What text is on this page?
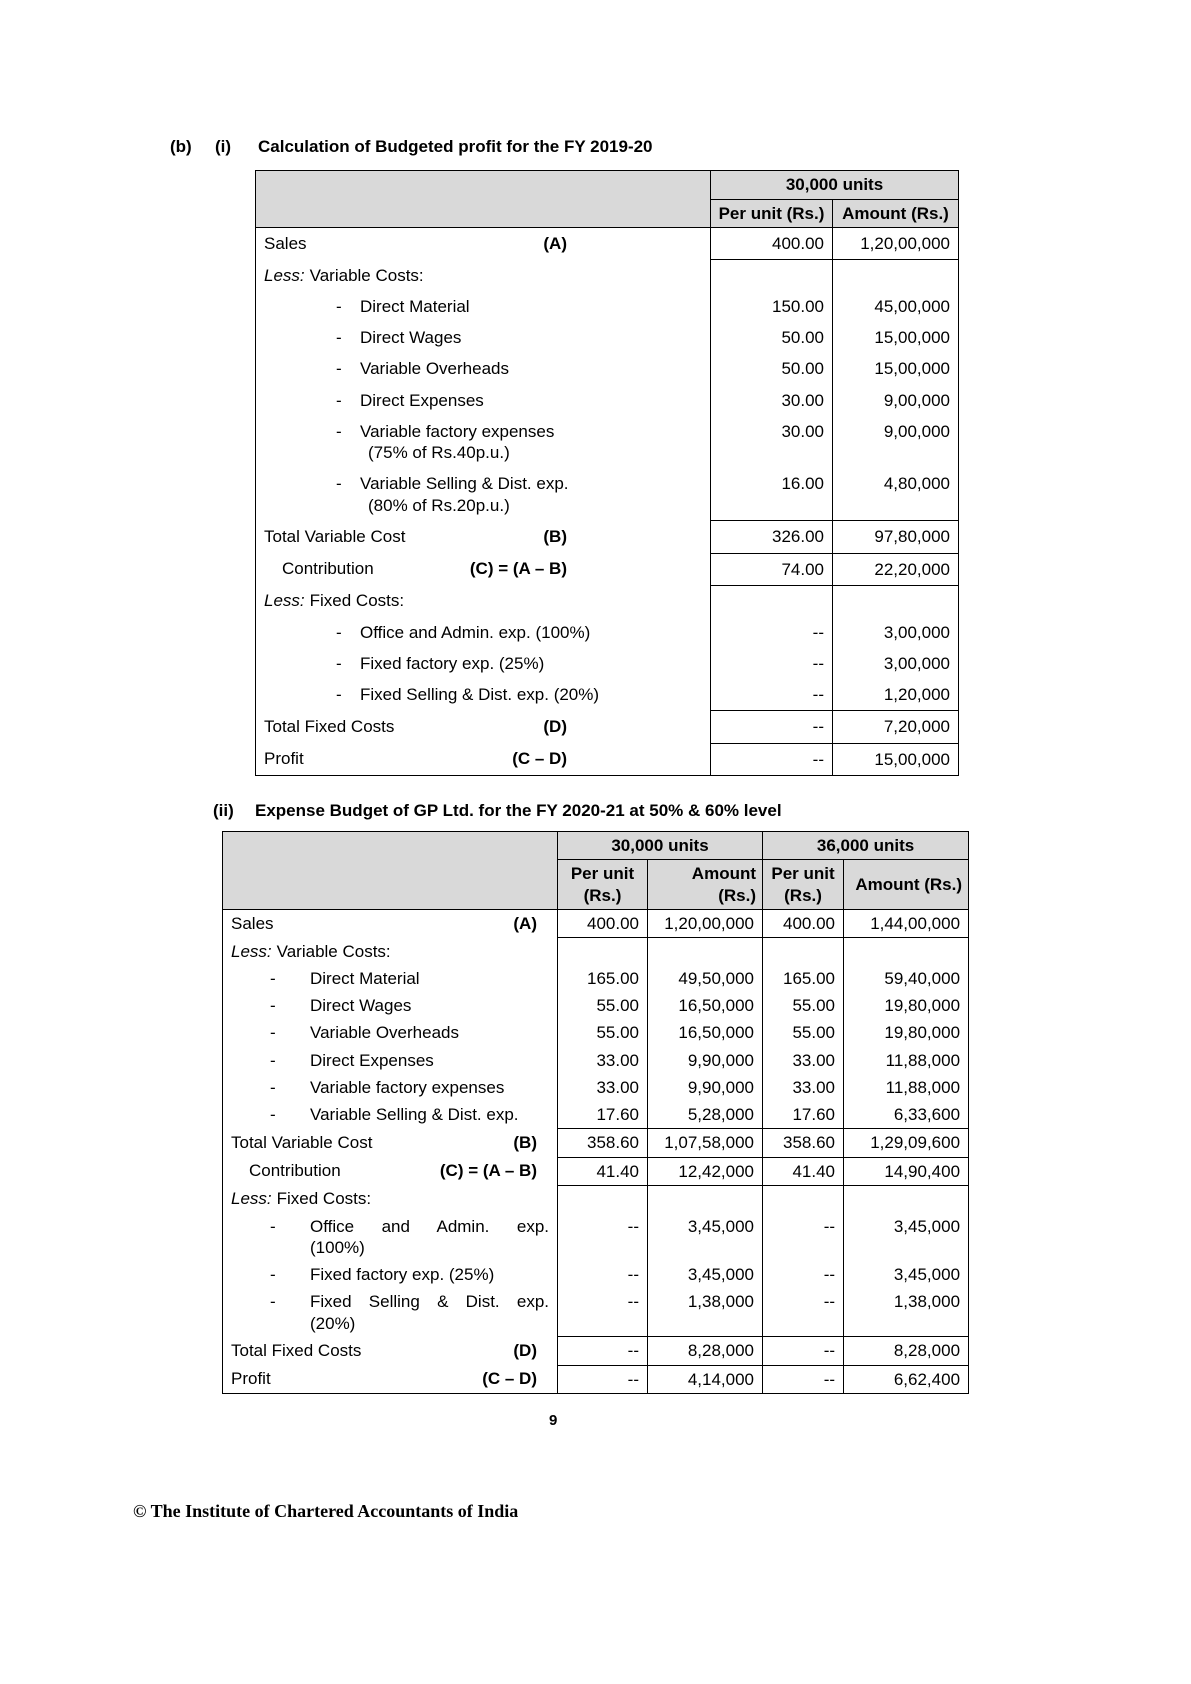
(b)	(i)	Calculation of Budgeted profit for the FY 2019-20
	30,000 units	
	Per unit (Rs.)	Amount (Rs.)

Sales (A)	400.00	1,20,00,000

Less: Variable Costs:		

- Direct Material	150.00	45,00,000

- Direct Wages	50.00	15,00,000

- Variable Overheads	50.00	15,00,000

- Direct Expenses	30.00	9,00,000

- Variable factory expenses
(75% of Rs.40p.u.)	30.00	9,00,000

- Variable Selling & Dist. exp.
(80% of Rs.20p.u.)	16.00	4,80,000

Total Variable Cost (B)	326.00	97,80,000

Contribution (C) = (A – B)	74.00	22,20,000

Less: Fixed Costs:		

- Office and Admin. exp. (100%)	--	3,00,000

- Fixed factory exp. (25%)	--	3,00,000

- Fixed Selling & Dist. exp. (20%)	--	1,20,000

Total Fixed Costs (D)	--	7,20,000

Profit (C – D)	--	15,00,000
(ii)	Expense Budget of GP Ltd. for the FY 2020-21 at 50% & 60% level
	30,000 units		36,000 units	
	Per unit (Rs.)	Amount (Rs.)	Per unit (Rs.)	Amount (Rs.)

Sales (A)	400.00	1,20,00,000	400.00	1,44,00,000

Less: Variable Costs:				

- Direct Material	165.00	49,50,000	165.00	59,40,000

- Direct Wages	55.00	16,50,000	55.00	19,80,000

- Variable Overheads	55.00	16,50,000	55.00	19,80,000

- Direct Expenses	33.00	9,90,000	33.00	11,88,000

- Variable factory expenses	33.00	9,90,000	33.00	11,88,000

- Variable Selling & Dist. exp.	17.60	5,28,000	17.60	6,33,600

Total Variable Cost (B)	358.60	1,07,58,000	358.60	1,29,09,600

Contribution (C) = (A – B)	41.40	12,42,000	41.40	14,90,400

Less: Fixed Costs:				

- Office and Admin. exp.
(100%)	--	3,45,000	--	3,45,000

- Fixed factory exp. (25%)	--	3,45,000	--	3,45,000

- Fixed Selling & Dist. exp.
(20%)	--	1,38,000	--	1,38,000

Total Fixed Costs (D)	--	8,28,000	--	8,28,000

Profit (C – D)	--	4,14,000	--	6,62,400
9
© The Institute of Chartered Accountants of India
